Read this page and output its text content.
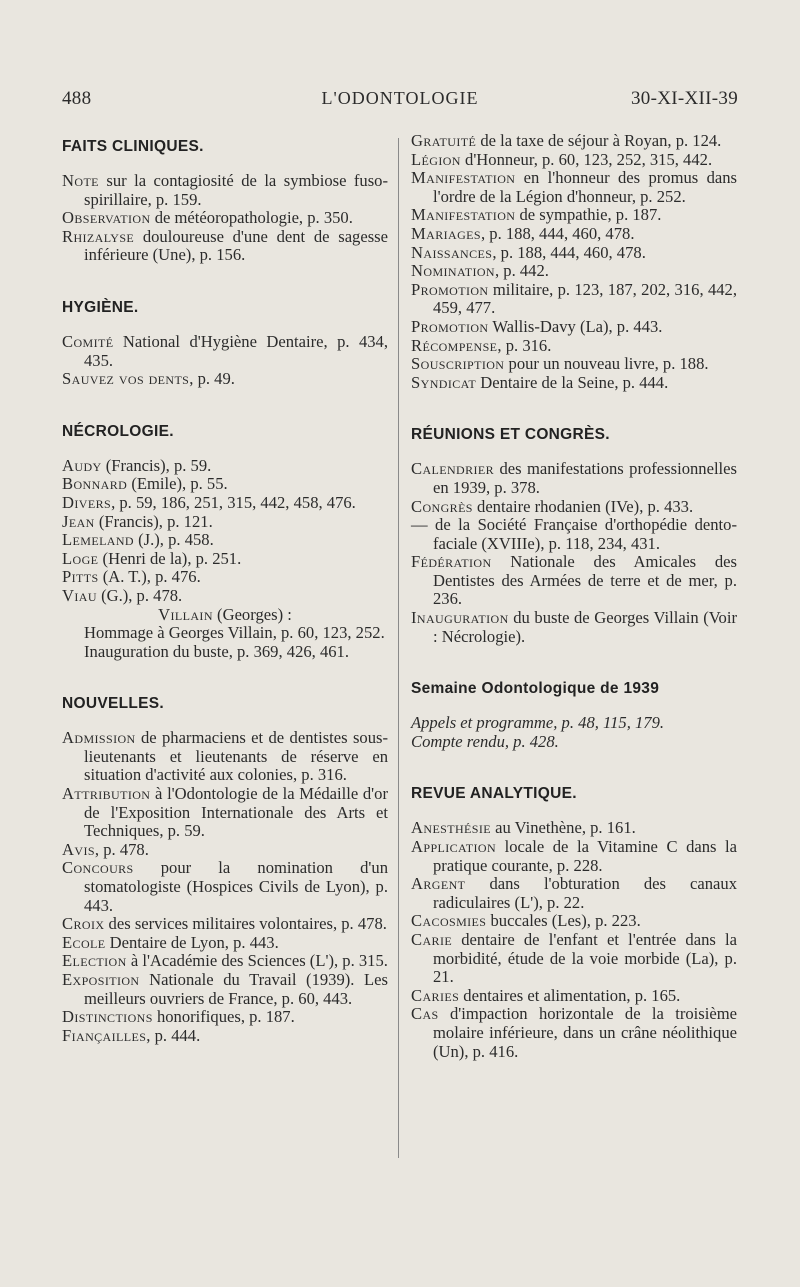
488	L'ODONTOLOGIE	30-XI-XII-39
FAITS CLINIQUES.

Note sur la contagiosité de la symbiose fuso-spirillaire, p. 159.

Observation de météoropathologie, p. 350.

Rhizalyse douloureuse d'une dent de sagesse inférieure (Une), p. 156.

HYGIÈNE.

Comité National d'Hygiène Dentaire, p. 434, 435.

Sauvez vos dents, p. 49.

NÉCROLOGIE.

Audy (Francis), p. 59.

Bonnard (Emile), p. 55.

Divers, p. 59, 186, 251, 315, 442, 458, 476.

Jean (Francis), p. 121.

Lemeland (J.), p. 458.

Loge (Henri de la), p. 251.

Pitts (A. T.), p. 476.

Viau (G.), p. 478.

Villain (Georges) :

Hommage à Georges Villain, p. 60, 123, 252.

Inauguration du buste, p. 369, 426, 461.

NOUVELLES.

Admission de pharmaciens et de dentistes sous-lieutenants et lieutenants de réserve en situation d'activité aux colonies, p. 316.

Attribution à l'Odontologie de la Médaille d'or de l'Exposition Internationale des Arts et Techniques, p. 59.

Avis, p. 478.

Concours pour la nomination d'un stomatologiste (Hospices Civils de Lyon), p. 443.

Croix des services militaires volontaires, p. 478.

Ecole Dentaire de Lyon, p. 443.

Election à l'Académie des Sciences (L'), p. 315.

Exposition Nationale du Travail (1939). Les meilleurs ouvriers de France, p. 60, 443.

Distinctions honorifiques, p. 187.

Fiançailles, p. 444.

Gratuité de la taxe de séjour à Royan, p. 124.

Légion d'Honneur, p. 60, 123, 252, 315, 442.

Manifestation en l'honneur des promus dans l'ordre de la Légion d'honneur, p. 252.

Manifestation de sympathie, p. 187.

Mariages, p. 188, 444, 460, 478.

Naissances, p. 188, 444, 460, 478.

Nomination, p. 442.

Promotion militaire, p. 123, 187, 202, 316, 442, 459, 477.

Promotion Wallis-Davy (La), p. 443.

Récompense, p. 316.

Souscription pour un nouveau livre, p. 188.

Syndicat Dentaire de la Seine, p. 444.

RÉUNIONS ET CONGRÈS.

Calendrier des manifestations professionnelles en 1939, p. 378.

Congrès dentaire rhodanien (IVe), p. 433.

— de la Société Française d'orthopédie dento-faciale (XVIIIe), p. 118, 234, 431.

Fédération Nationale des Amicales des Dentistes des Armées de terre et de mer, p. 236.

Inauguration du buste de Georges Villain (Voir : Nécrologie).

Semaine Odontologique de 1939

Appels et programme, p. 48, 115, 179.

Compte rendu, p. 428.

REVUE ANALYTIQUE.

Anesthésie au Vinethène, p. 161.

Application locale de la Vitamine C dans la pratique courante, p. 228.

Argent dans l'obturation des canaux radiculaires (L'), p. 22.

Cacosmies buccales (Les), p. 223.

Carie dentaire de l'enfant et l'entrée dans la morbidité, étude de la voie morbide (La), p. 21.

Caries dentaires et alimentation, p. 165.

Cas d'impaction horizontale de la troisième molaire inférieure, dans un crâne néolithique (Un), p. 416.
